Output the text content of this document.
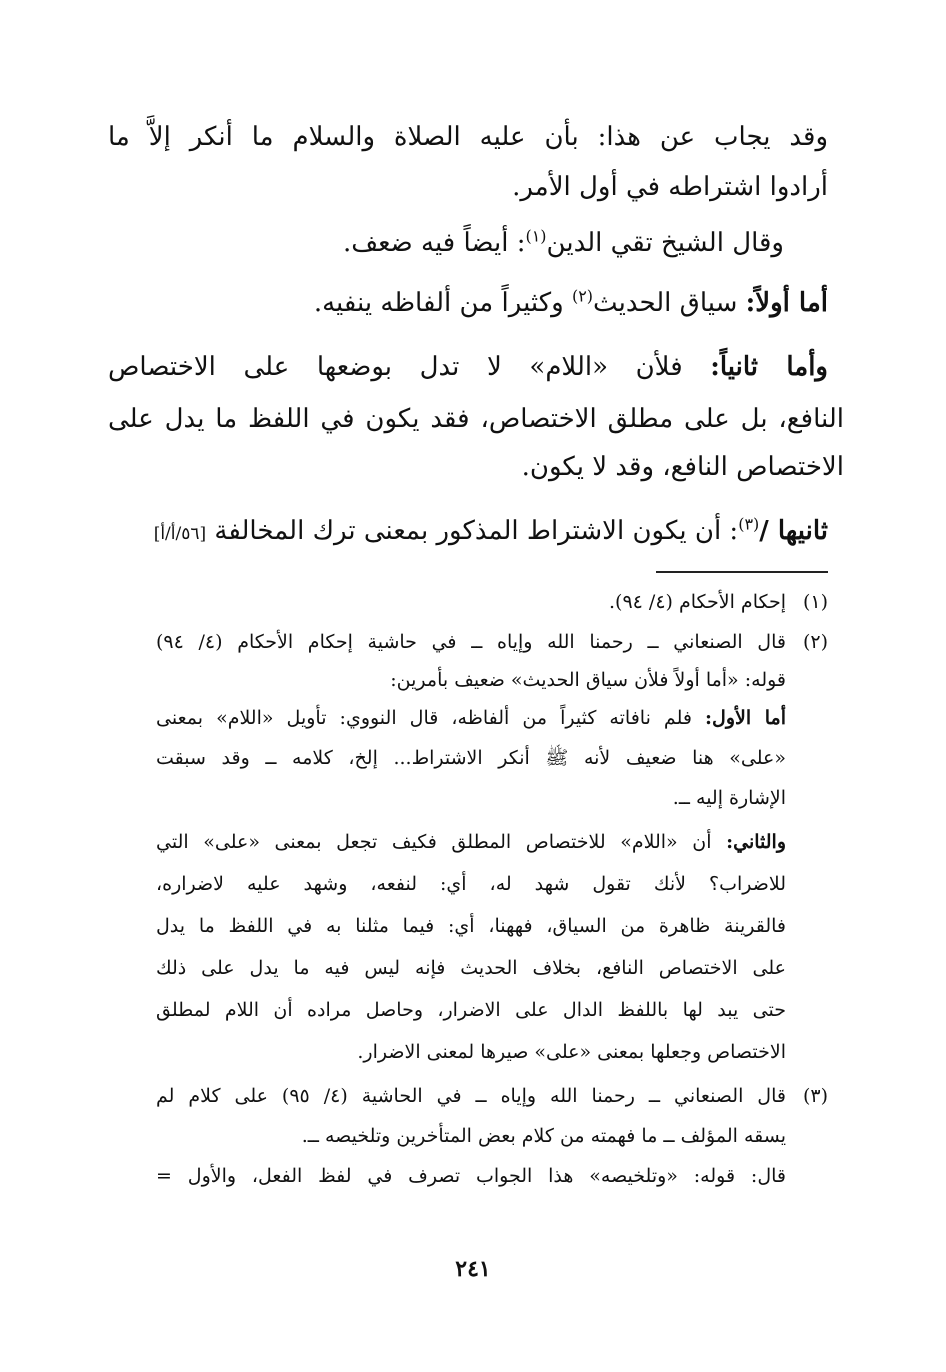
وقد يجاب عن هذا: بأن عليه الصلاة والسلام ما أنكر إلاَّ ما
أرادوا اشتراطه في أول الأمر.
وقال الشيخ تقي الدين$^{(١)}$: أيضاً فيه ضعف.
أما أولاً: سياق الحديث$^{(٢)}$ وكثيراً من ألفاظه ينفيه.
وأما ثانياً: فلأن «اللام» لا تدل بوضعها على الاختصاص
النافع، بل على مطلق الاختصاص، فقد يكون في اللفظ ما يدل على
الاختصاص النافع، وقد لا يكون.
ثانيها /$^{(٣)}$: أن يكون الاشتراط المذكور بمعنى ترك المخالفة [٥٦/أ/أ]
(١)
إحكام الأحكام (٤/ ٩٤).
(٢)
قال الصنعاني ــ رحمنا الله وإياه ــ في حاشية إحكام الأحكام (٤/ ٩٤)
قوله: «أما أولاً فلأن سياق الحديث» ضعيف بأمرين:
أما الأول: فلم نافاته كثيراً من ألفاظه، قال النووي: تأويل «اللام» بمعنى
«على» هنا ضعيف لأنه ﷺ أنكر الاشتراط... إلخ، كلامه ــ وقد سبقت
الإشارة إليه ــ.
والثاني: أن «اللام» للاختصاص المطلق فكيف تجعل بمعنى «على» التي
للاضراب؟ لأنك تقول شهد له، أي: لنفعه، وشهد عليه لاضراره،
فالقرينة ظاهرة من السياق، فههنا، أي: فيما مثلنا به في اللفظ ما يدل
على الاختصاص النافع، بخلاف الحديث فإنه ليس فيه ما يدل على ذلك
حتى يبد لها باللفظ الدال على الاضرار، وحاصل مراده أن اللام لمطلق
الاختصاص وجعلها بمعنى «على» صيرها لمعنى الاضرار.
(٣)
قال الصنعاني ــ رحمنا الله وإياه ــ في الحاشية (٤/ ٩٥) على كلام لم
يسقه المؤلف ــ ما فهمته من كلام بعض المتأخرين وتلخيصه ــ.
قال: قوله: «وتلخيصه» هذا الجواب تصرف في لفظ الفعل، والأول =
٢٤١
